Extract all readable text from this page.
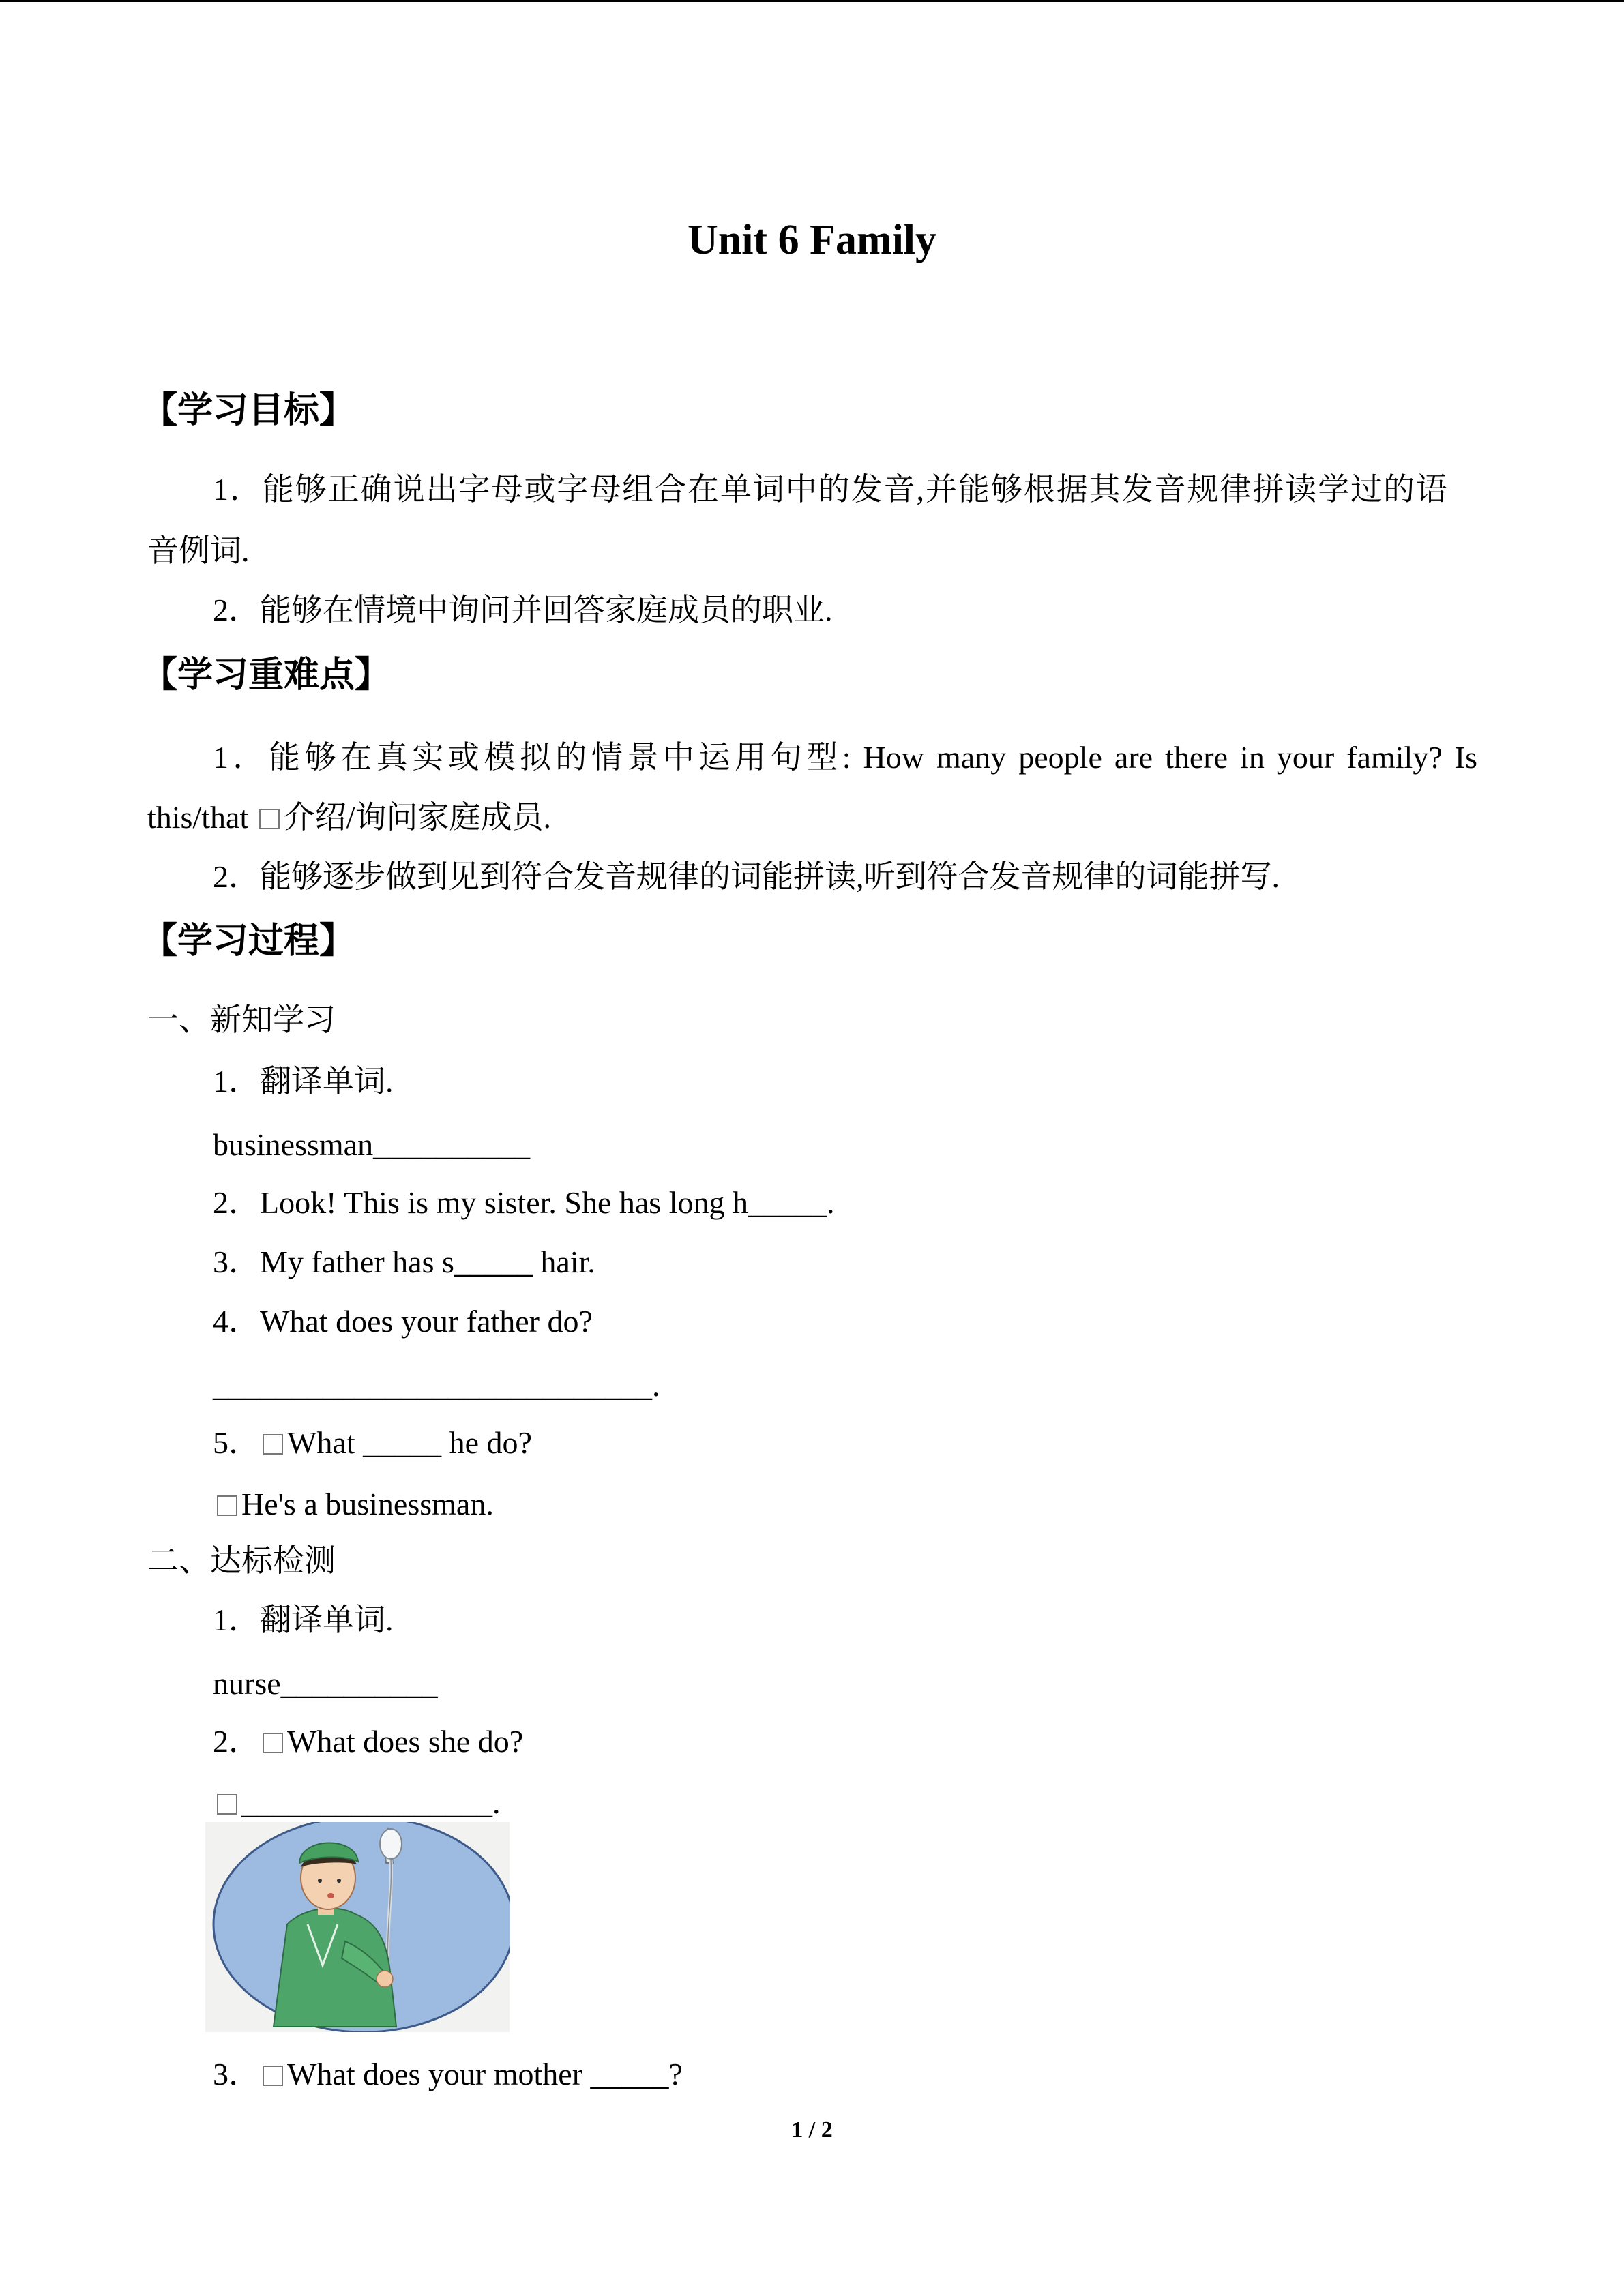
Unit 6 Family
【学习目标】
1．能够正确说出字母或字母组合在单词中的发音,并能够根据其发音规律拼读学过的语
音例词.
2．能够在情境中询问并回答家庭成员的职业.
【学习重难点】
1．能够在真实或模拟的情景中运用句型: How many people are there in your family? Is
this/that 介绍/询问家庭成员.
2．能够逐步做到见到符合发音规律的词能拼读,听到符合发音规律的词能拼写.
【学习过程】
一、新知学习
1．翻译单词.
businessman__________
2．Look! This is my sister. She has long h_____.
3．My father has s_____ hair.
4．What does your father do?
____________________________.
5． What _____ he do?
He's a businessman.
二、达标检测
1．翻译单词.
nurse__________
2． What does she do?
________________.
3． What does your mother _____?
1 / 2
